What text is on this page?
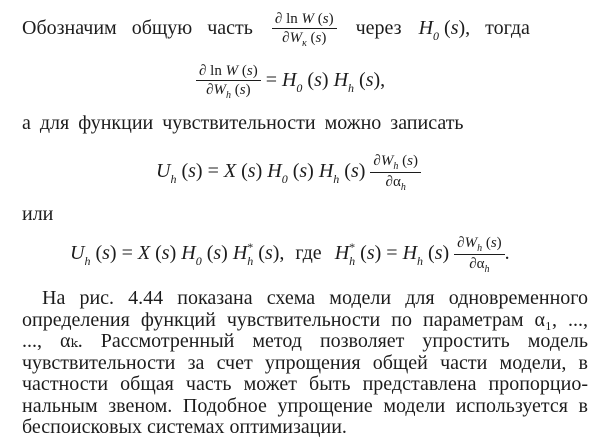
Обозначим общую часть $\frac{\text{∂ ln W (s)}}{\partial W_к (s)}$ через $H_0$ (s), тогда
$\frac{\text{∂ ln W (s)}}{\partial W_h (s)} = H_0$ (s) $H_h$ (s),
а для функции чувствительности можно записать
$U_h$ (s) = X (s) $H_0$ (s) $H_h$ $(s) \frac{\partial W_h (s)}{\partial\alpha_h}$
или
$U_h$ (s) = X (s) $H_0$ (s) $H^*_h$ (s), где $H^*_h$ $(s) = H_h$ $(s) \frac{\partial W_h (s)}{\partial\alpha_h}$ .
На рис. 4.44 показана схема модели для одновременного
определения функций чувствительности по параметрам α₁, ...,
..., αₖ. Рассмотренный метод позволяет упростить модель
чувствительности за счет упрощения общей части модели, в
частности общая часть может быть представлена пропорцио-
нальным звеном. Подобное упрощение модели используется в
беспоисковых системах оптимизации.
